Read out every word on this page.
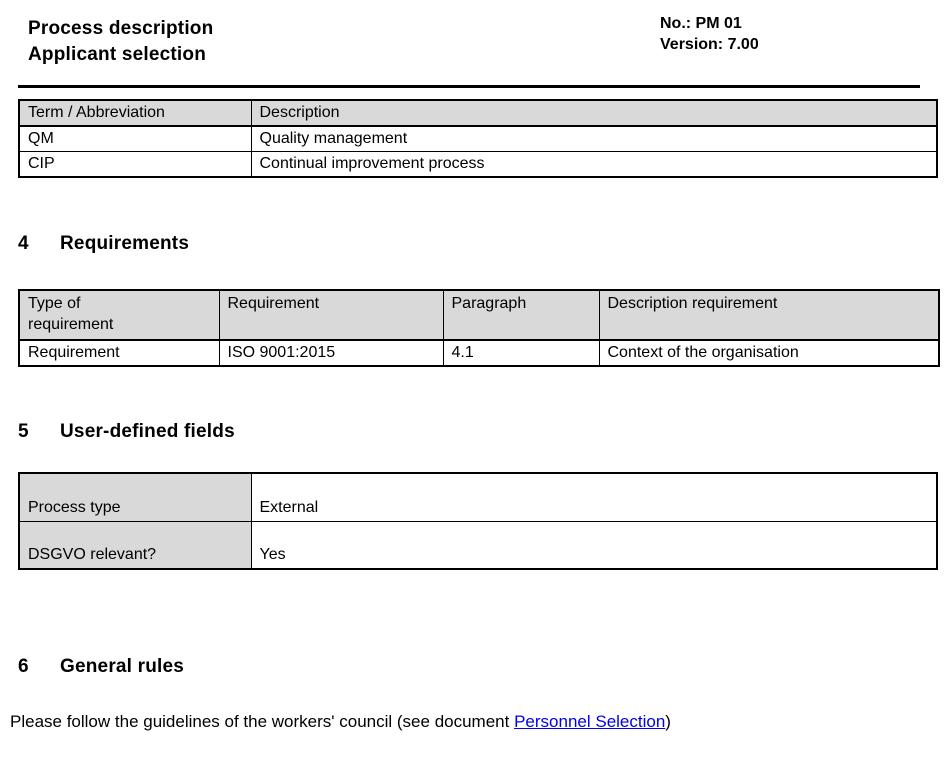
Process description
Applicant selection
No.: PM 01
Version: 7.00
Term / Abbreviation	Description
QM	Quality management
CIP	Continual improvement process
4 Requirements
Type of requirement	Requirement	Paragraph	Description requirement
Requirement	ISO 9001:2015	4.1	Context of the organisation
5 User-defined fields
Process type	External
DSGVO relevant?	Yes
6 General rules

Please follow the guidelines of the workers' council (see document Personnel Selection)
